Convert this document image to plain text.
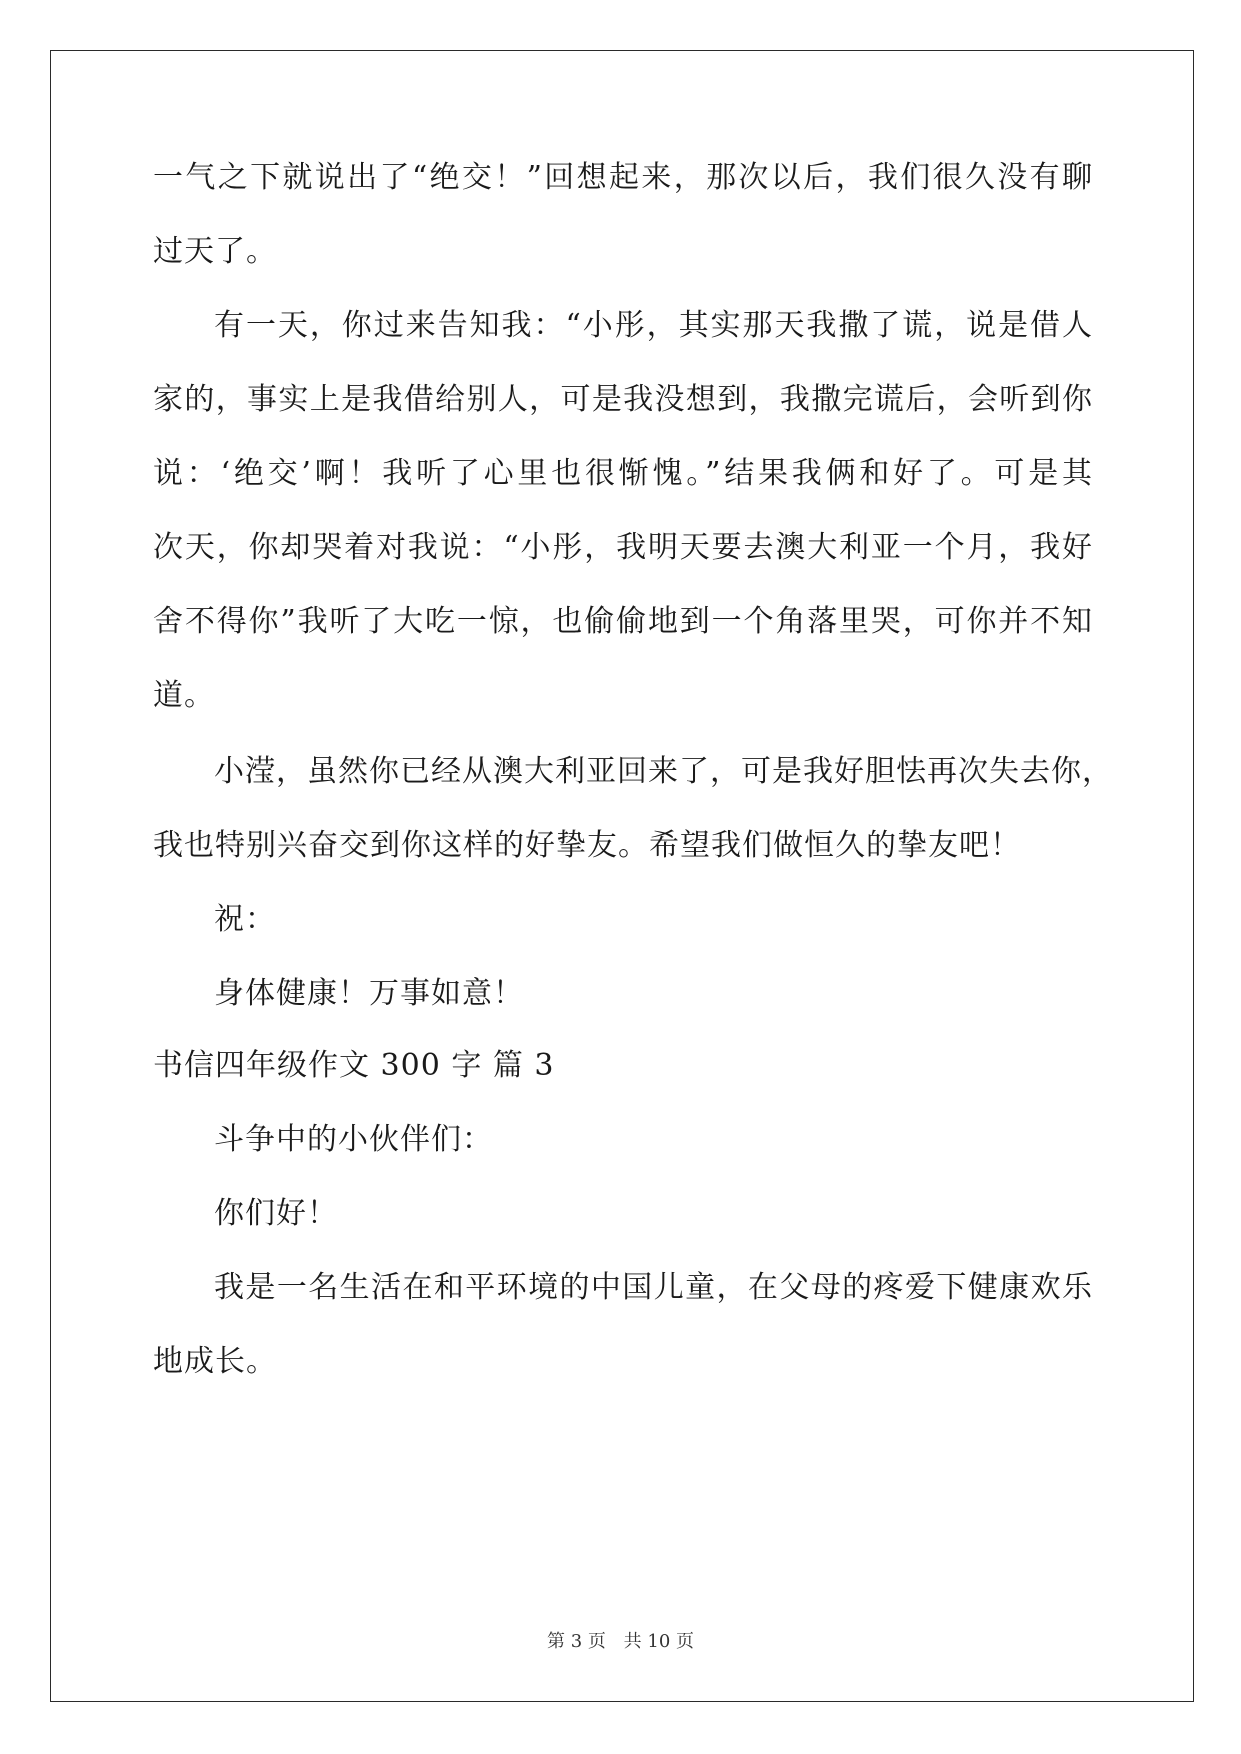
一气之下就说出了“绝交！”回想起来，那次以后，我们很久没有聊
过天了。
有一天，你过来告知我：“小彤，其实那天我撒了谎，说是借人
家的，事实上是我借给别人，可是我没想到，我撒完谎后，会听到你
说：‘绝交’啊！我听了心里也很惭愧。”结果我俩和好了。可是其
次天，你却哭着对我说：“小彤，我明天要去澳大利亚一个月，我好
舍不得你”我听了大吃一惊，也偷偷地到一个角落里哭，可你并不知
道。
小滢，虽然你已经从澳大利亚回来了，可是我好胆怯再次失去你，
我也特别兴奋交到你这样的好挚友。希望我们做恒久的挚友吧！
祝：
身体健康！万事如意！
书信四年级作文 300 字 篇 3
斗争中的小伙伴们：
你们好！
我是一名生活在和平环境的中国儿童，在父母的疼爱下健康欢乐
地成长。
第 3 页 共 10 页
